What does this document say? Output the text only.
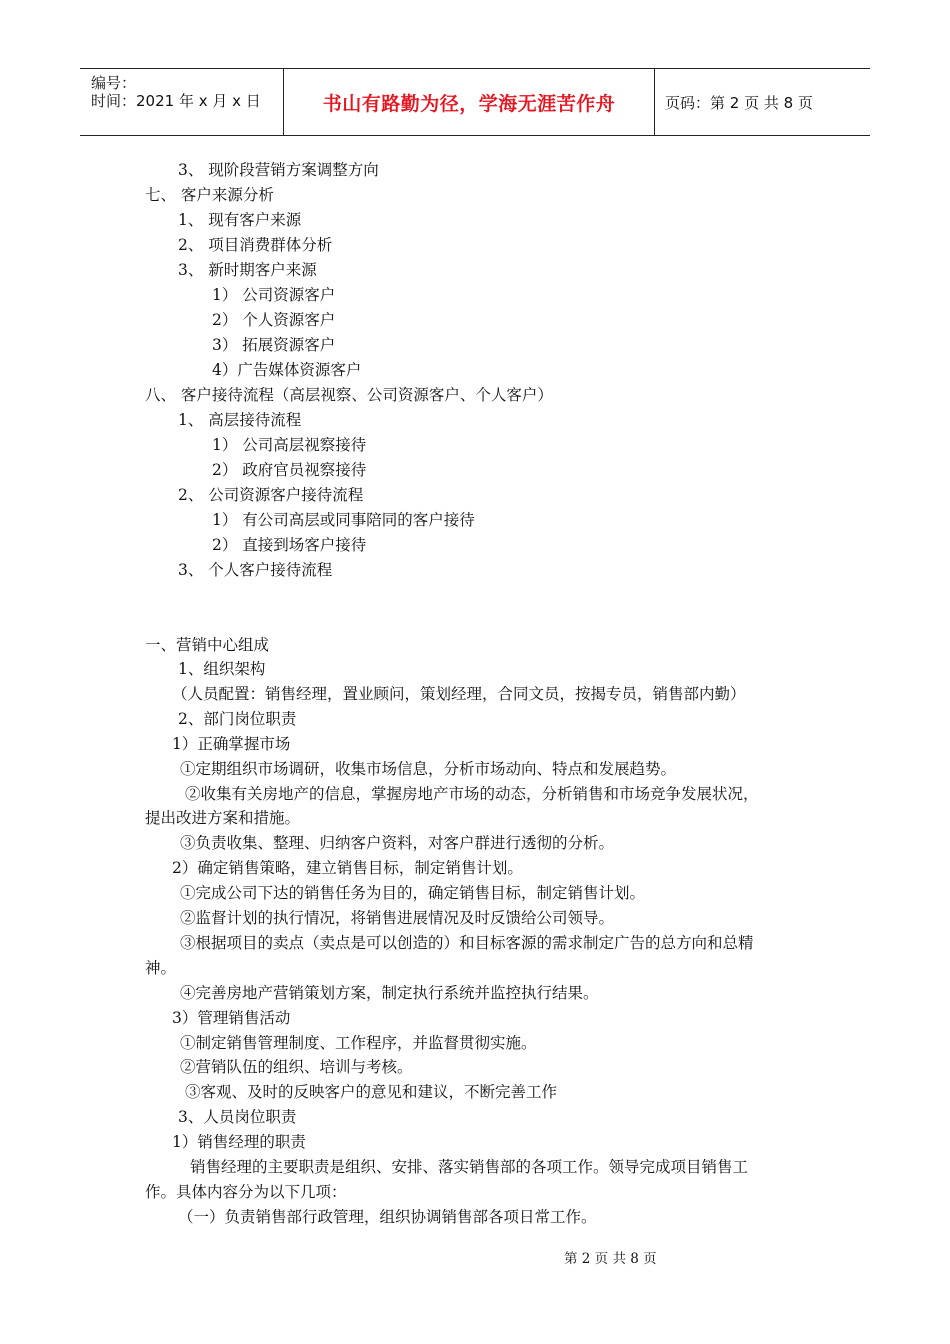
编号：
时间：2021 年 x 月 x 日	书山有路勤为径，学海无涯苦作舟	页码：第 2 页 共 8 页
3、 现阶段营销方案调整方向
七、 客户来源分析
1、 现有客户来源
2、 项目消费群体分析
3、 新时期客户来源
1） 公司资源客户
2） 个人资源客户
3） 拓展资源客户
4）广告媒体资源客户
八、 客户接待流程（高层视察、公司资源客户、个人客户）
1、 高层接待流程
1） 公司高层视察接待
2） 政府官员视察接待
2、 公司资源客户接待流程
1） 有公司高层或同事陪同的客户接待
2） 直接到场客户接待
3、 个人客户接待流程
一、营销中心组成
1、组织架构
（人员配置：销售经理，置业顾问，策划经理，合同文员，按揭专员，销售部内勤）
2、部门岗位职责
1）正确掌握市场
①定期组织市场调研，收集市场信息，分析市场动向、特点和发展趋势。
②收集有关房地产的信息，掌握房地产市场的动态，分析销售和市场竞争发展状况，
提出改进方案和措施。
③负责收集、整理、归纳客户资料，对客户群进行透彻的分析。
2）确定销售策略，建立销售目标，制定销售计划。
①完成公司下达的销售任务为目的，确定销售目标，制定销售计划。
②监督计划的执行情况，将销售进展情况及时反馈给公司领导。
③根据项目的卖点（卖点是可以创造的）和目标客源的需求制定广告的总方向和总精
神。
④完善房地产营销策划方案，制定执行系统并监控执行结果。
3）管理销售活动
①制定销售管理制度、工作程序，并监督贯彻实施。
②营销队伍的组织、培训与考核。
③客观、及时的反映客户的意见和建议，不断完善工作
3、人员岗位职责
1）销售经理的职责
销售经理的主要职责是组织、安排、落实销售部的各项工作。领导完成项目销售工
作。具体内容分为以下几项：
（一）负责销售部行政管理，组织协调销售部各项日常工作。
第 2 页 共 8 页
